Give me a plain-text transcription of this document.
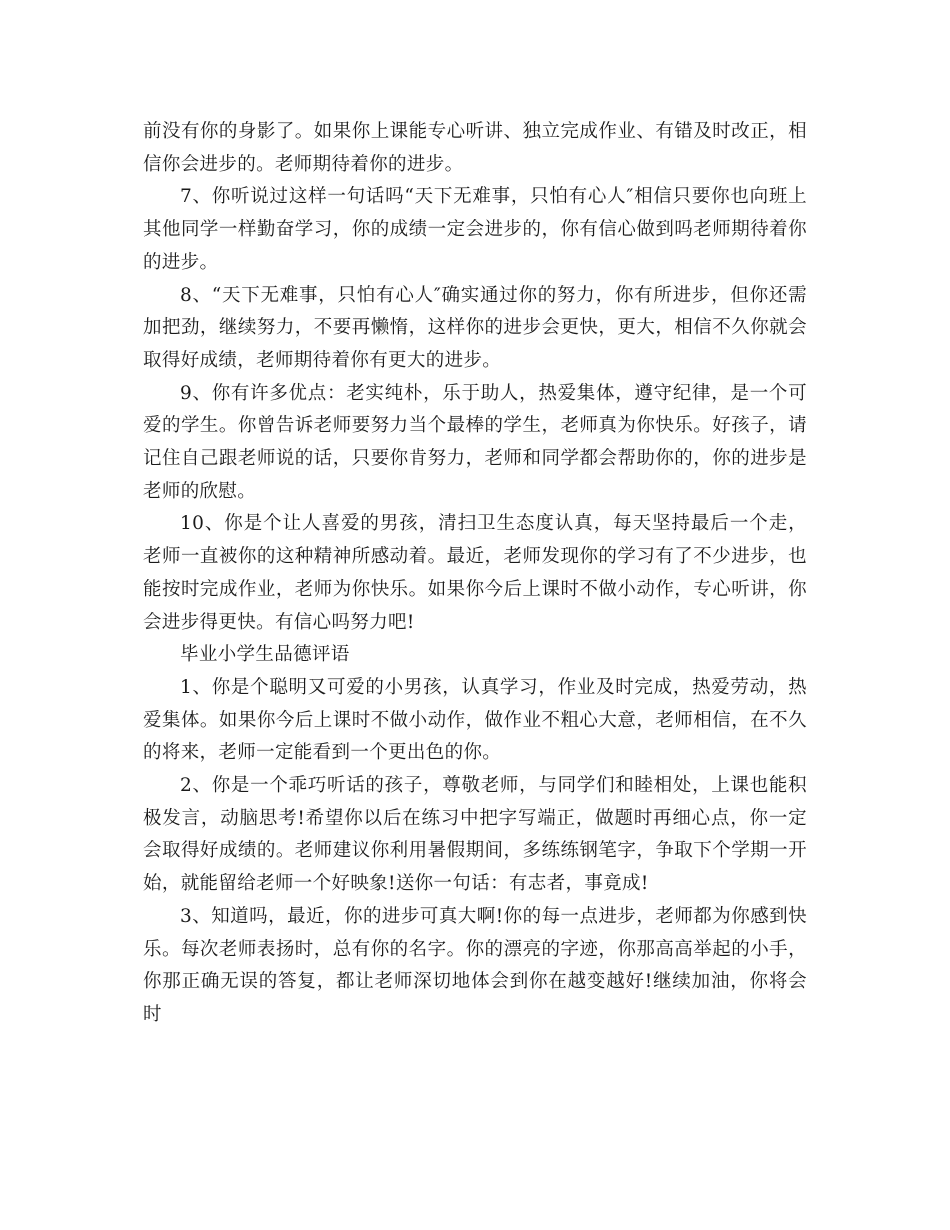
前没有你的身影了。如果你上课能专心听讲、独立完成作业、有错及时改正，相信你会进步的。老师期待着你的进步。

7、你听说过这样一句话吗“天下无难事，只怕有心人″相信只要你也向班上其他同学一样勤奋学习，你的成绩一定会进步的，你有信心做到吗老师期待着你的进步。

8、“天下无难事，只怕有心人″确实通过你的努力，你有所进步，但你还需加把劲，继续努力，不要再懒惰，这样你的进步会更快，更大，相信不久你就会取得好成绩，老师期待着你有更大的进步。

9、你有许多优点：老实纯朴，乐于助人，热爱集体，遵守纪律，是一个可爱的学生。你曾告诉老师要努力当个最棒的学生，老师真为你快乐。好孩子，请记住自己跟老师说的话，只要你肯努力，老师和同学都会帮助你的，你的进步是老师的欣慰。

10、你是个让人喜爱的男孩，清扫卫生态度认真，每天坚持最后一个走，老师一直被你的这种精神所感动着。最近，老师发现你的学习有了不少进步，也能按时完成作业，老师为你快乐。如果你今后上课时不做小动作，专心听讲，你会进步得更快。有信心吗努力吧!

毕业小学生品德评语

1、你是个聪明又可爱的小男孩，认真学习，作业及时完成，热爱劳动，热爱集体。如果你今后上课时不做小动作，做作业不粗心大意，老师相信，在不久的将来，老师一定能看到一个更出色的你。

2、你是一个乖巧听话的孩子，尊敬老师，与同学们和睦相处，上课也能积极发言，动脑思考!希望你以后在练习中把字写端正，做题时再细心点，你一定会取得好成绩的。老师建议你利用暑假期间，多练练钢笔字，争取下个学期一开始，就能留给老师一个好映象!送你一句话：有志者，事竟成!

3、知道吗，最近，你的进步可真大啊!你的每一点进步，老师都为你感到快乐。每次老师表扬时，总有你的名字。你的漂亮的字迹，你那高高举起的小手，你那正确无误的答复，都让老师深切地体会到你在越变越好!继续加油，你将会时
